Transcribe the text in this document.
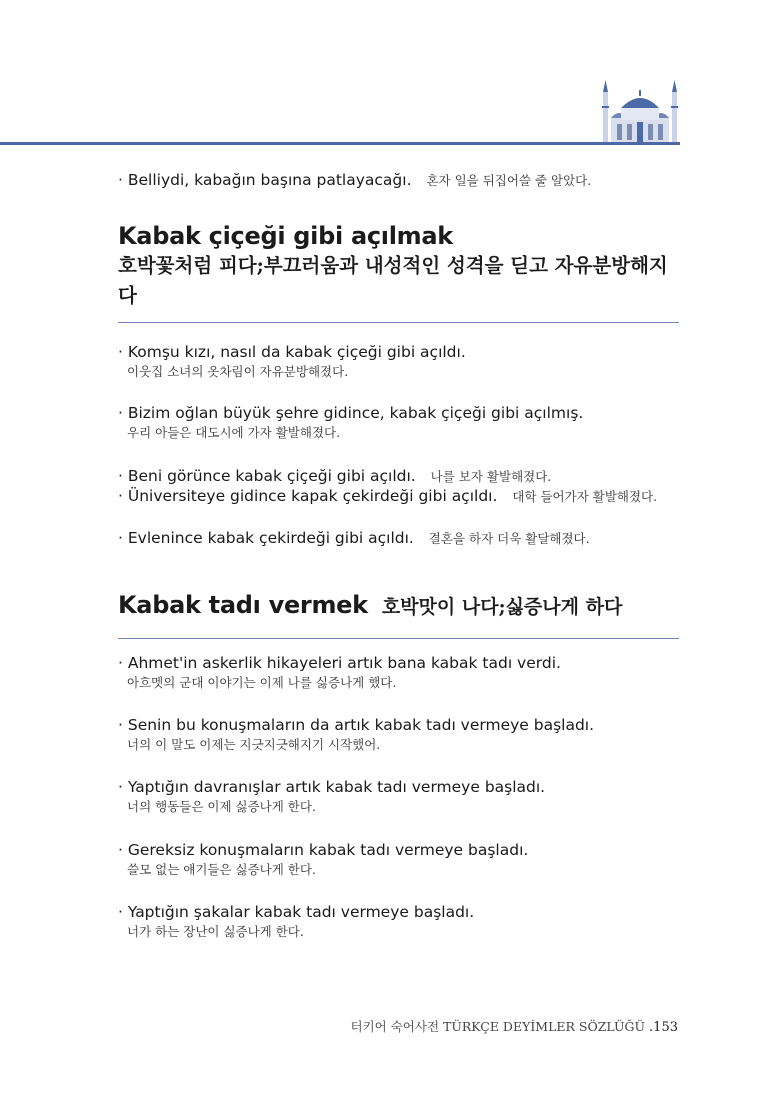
· Belliydi, kabağın başına patlayacağı. 혼자 일을 뒤집어쓸 줄 알았다.
Kabak çiçeği gibi açılmak
호박꽃처럼 피다;부끄러움과 내성적인 성격을 딛고 자유분방해지다
· Komşu kızı, nasıl da kabak çiçeği gibi açıldı.
이웃집 소녀의 옷차림이 자유분방해졌다.
· Bizim oğlan büyük şehre gidince, kabak çiçeği gibi açılmış.
우리 아들은 대도시에 가자 활발해졌다.
· Beni görünce kabak çiçeği gibi açıldı. 나를 보자 활발해졌다.
· Üniversiteye gidince kapak çekirdeği gibi açıldı. 대학 들어가자 활발해졌다.
· Evlenince kabak çekirdeği gibi açıldı. 결혼을 하자 더욱 활달해졌다.
Kabak tadı vermek 호박맛이 나다;싫증나게 하다
· Ahmet'in askerlik hikayeleri artık bana kabak tadı verdi.
아흐멧의 군대 이야기는 이제 나를 싫증나게 했다.
· Senin bu konuşmaların da artık kabak tadı vermeye başladı.
너의 이 말도 이제는 지긋지긋해지기 시작했어.
· Yaptığın davranışlar artık kabak tadı vermeye başladı.
너의 행동들은 이제 싫증나게 한다.
· Gereksiz konuşmaların kabak tadı vermeye başladı.
쓸모 없는 얘기들은 싫증나게 한다.
· Yaptığın şakalar kabak tadı vermeye başladı.
너가 하는 장난이 싫증나게 한다.
터키어 숙어사전 TÜRKÇE DEYİMLER SÖZLÜĞÜ .153
